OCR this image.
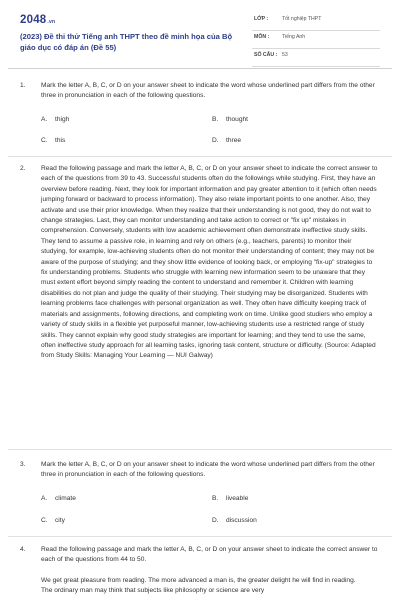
2048.vn
(2023) Đề thi thử Tiếng anh THPT theo đề minh họa của Bộ giáo dục có đáp án (Đề 55)
LỚP :	Tốt nghiệp THPT
MÔN : Tiếng Anh
SỐ CÂU : 53
1. Mark the letter A, B, C, or D on your answer sheet to indicate the word whose underlined part differs from the other three in pronunciation in each of the following questions.
A. thigh	B. thought
C. this	D. three
2. Read the following passage and mark the letter A, B, C, or D on your answer sheet to indicate the correct answer to each of the questions from 39 to 43. Successful students often do the followings while studying. First, they have an overview before reading. Next, they look for important information and pay greater attention to it (which often needs jumping forward or backward to process information). They also relate important points to one another. Also, they activate and use their prior knowledge. When they realize that their understanding is not good, they do not wait to change strategies. Last, they can monitor understanding and take action to correct or "fix up" mistakes in comprehension. Conversely, students with low academic achievement often demonstrate ineffective study skills. They tend to assume a passive role, in learning and rely on others (e.g., teachers, parents) to monitor their studying, for example, low-achieving students often do not monitor their understanding of content; they may not be aware of the purpose of studying; and they show little evidence of looking back, or employing "fix-up" strategies to fix understanding problems. Students who struggle with learning new information seem to be unaware that they must extent effort beyond simply reading the content to understand and remember it. Children with learning disabilities do not plan and judge the quality of their studying. Their studying may be disorganized. Students with learning problems face challenges with personal organization as well. They often have difficulty keeping track of materials and assignments, following directions, and completing work on time. Unlike good studiers who employ a variety of study skills in a flexible yet purposeful manner, low-achieving students use a restricted range of study skills. They cannot explain why good study strategies are important for learning; and they tend to use the same, often ineffective study approach for all learning tasks, ignoring task content, structure or difficulty. (Source: Adapted from Study Skills: Managing Your Learning — NUI Galway)
3. Mark the letter A, B, C, or D on your answer sheet to indicate the word whose underlined part differs from the other three in pronunciation in each of the following questions.
A. climate	B. liveable
C. city	D. discussion
4. Read the following passage and mark the letter A, B, C, or D on your answer sheet to indicate the correct answer to each of the questions from 44 to 50.
We get great pleasure from reading. The more advanced a man is, the greater delight he will find in reading. The ordinary man may think that subjects like philosophy or science are very
